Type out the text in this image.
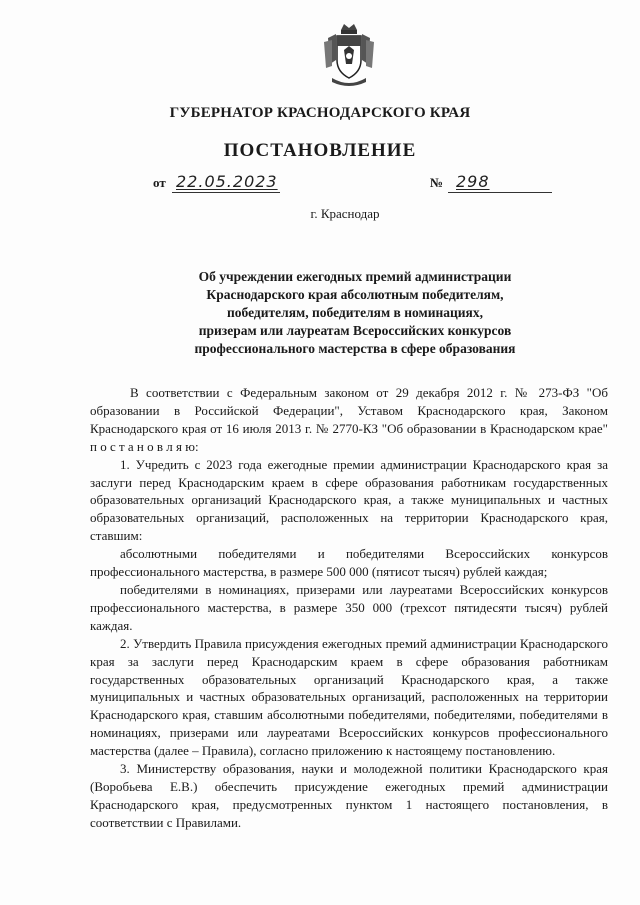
ГУБЕРНАТОР КРАСНОДАРСКОГО КРАЯ
ПОСТАНОВЛЕНИЕ
от 22.05.2023	№ 298
г. Краснодар
Об учреждении ежегодных премий администрации
Краснодарского края абсолютным победителям,
победителям, победителям в номинациях,
призерам или лауреатам Всероссийских конкурсов
профессионального мастерства в сфере образования

В соответствии с Федеральным законом от 29 декабря 2012 г. № 273-ФЗ "Об образовании в Российской Федерации", Уставом Краснодарского края, Законом Краснодарского края от 16 июля 2013 г. № 2770-КЗ "Об образовании в Краснодарском крае" п о с т а н о в л я ю:

1. Учредить с 2023 года ежегодные премии администрации Краснодарского края за заслуги перед Краснодарским краем в сфере образования работникам государственных образовательных организаций Краснодарского края, а также муниципальных и частных образовательных организаций, расположенных на территории Краснодарского края, ставшим:

абсолютными победителями и победителями Всероссийских конкурсов профессионального мастерства, в размере 500 000 (пятисот тысяч) рублей каждая;

победителями в номинациях, призерами или лауреатами Всероссийских конкурсов профессионального мастерства, в размере 350 000 (трехсот пятидесяти тысяч) рублей каждая.

2. Утвердить Правила присуждения ежегодных премий администрации Краснодарского края за заслуги перед Краснодарским краем в сфере образования работникам государственных образовательных организаций Краснодарского края, а также муниципальных и частных образовательных организаций, расположенных на территории Краснодарского края, ставшим абсолютными победителями, победителями, победителями в номинациях, призерами или лауреатами Всероссийских конкурсов профессионального мастерства (далее – Правила), согласно приложению к настоящему постановлению.

3. Министерству образования, науки и молодежной политики Краснодарского края (Воробьева Е.В.) обеспечить присуждение ежегодных премий администрации Краснодарского края, предусмотренных пунктом 1 настоящего постановления, в соответствии с Правилами.
